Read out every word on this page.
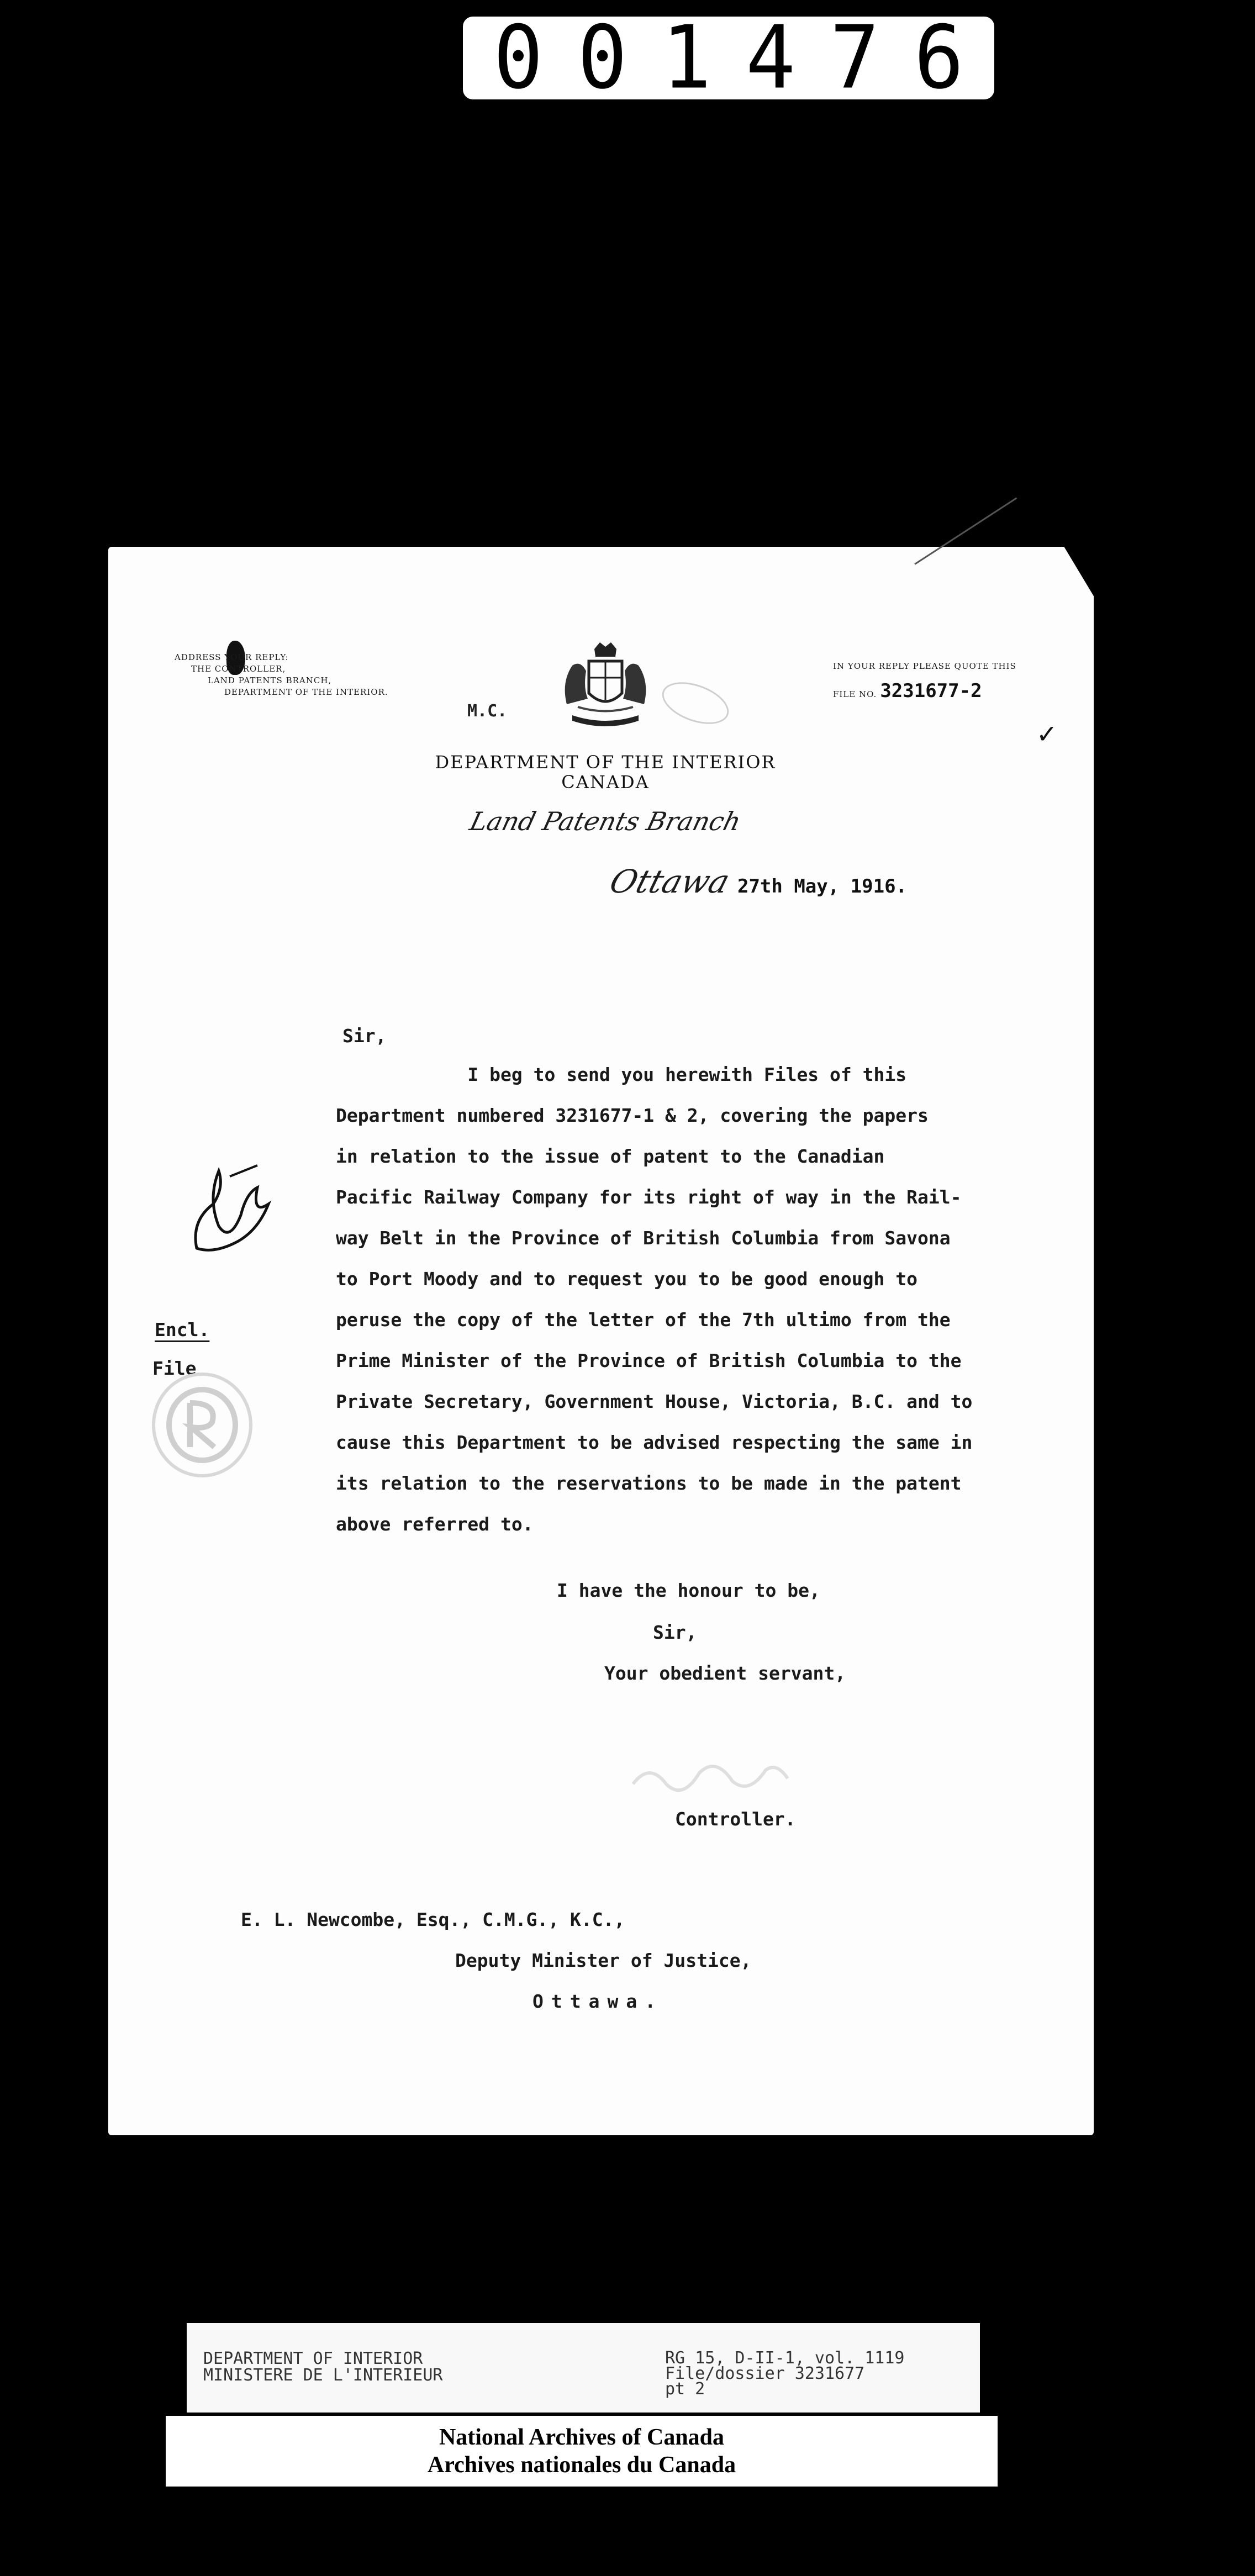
001476
ADDRESS YOUR REPLY:
THE CONTROLLER,
LAND PATENTS BRANCH,
DEPARTMENT OF THE INTERIOR.
IN YOUR REPLY PLEASE QUOTE THIS
FILE NO. 3231677-2
✓
M.C.
DEPARTMENT OF THE INTERIOR
CANADA
Land Patents Branch
Ottawa 27th May, 1916.
Sir,
I beg to send you herewith Files of this
Department numbered 3231677-1 & 2, covering the papers
in relation to the issue of patent to the Canadian
Pacific Railway Company for its right of way in the Rail-
way Belt in the Province of British Columbia from Savona
to Port Moody and to request you to be good enough to
peruse the copy of the letter of the 7th ultimo from the
Prime Minister of the Province of British Columbia to the
Private Secretary, Government House, Victoria, B.C. and to
cause this Department to be advised respecting the same in
its relation to the reservations to be made in the patent
above referred to.
Encl.
File
I have the honour to be,
Sir,
Your obedient servant,
Controller.
E. L. Newcombe, Esq., C.M.G., K.C.,
Deputy Minister of Justice,
Ottawa.
DEPARTMENT OF INTERIOR
MINISTERE DE L'INTERIEUR
RG 15, D-II-1, vol. 1119
File/dossier 3231677
pt 2
National Archives of Canada
Archives nationales du Canada
